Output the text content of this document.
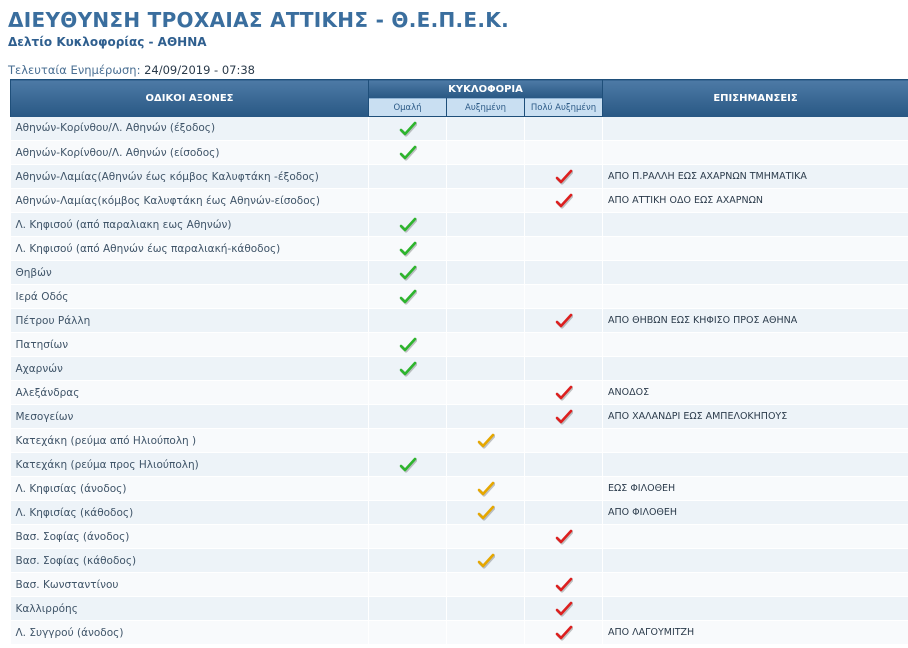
ΔΙΕΥΘΥΝΣΗ ΤΡΟΧΑΙΑΣ ΑΤΤΙΚΗΣ - Θ.Ε.Π.Ε.Κ.
Δελτίο Κυκλοφορίας - ΑΘΗΝΑ
Τελευταία Ενημέρωση: 24/09/2019 - 07:38
ΟΔΙΚΟΙ ΑΞΟΝΕΣ	ΚΥΚΛΟΦΟΡΙΑ			ΕΠΙΣΗΜΑΝΣΕΙΣ
	Ομαλή	Αυξημένη	Πολύ Αυξημένη	
Αθηνών-Κορίνθου/Λ. Αθηνών (έξοδος)				
Αθηνών-Κορίνθου/Λ. Αθηνών (είσοδος)				
Αθηνών-Λαμίας(Αθηνών έως κόμβος Καλυφτάκη -έξοδος)				ΑΠΟ Π.ΡΑΛΛΗ ΕΩΣ ΑΧΑΡΝΩΝ ΤΜΗΜΑΤΙΚΑ
Αθηνών-Λαμίας(κόμβος Καλυφτάκη έως Αθηνών-είσοδος)				ΑΠΟ ΑΤΤΙΚΗ ΟΔΟ ΕΩΣ ΑΧΑΡΝΩΝ
Λ. Κηφισού (από παραλιακη εως Αθηνών)				
Λ. Κηφισού (από Αθηνών έως παραλιακή-κάθοδος)				
Θηβών				
Ιερά Οδός				
Πέτρου Ράλλη				ΑΠΟ ΘΗΒΩΝ ΕΩΣ ΚΗΦΙΣΟ ΠΡΟΣ ΑΘΗΝΑ
Πατησίων				
Αχαρνών				
Αλεξάνδρας				ΑΝΟΔΟΣ
Μεσογείων				ΑΠΟ ΧΑΛΑΝΔΡΙ ΕΩΣ ΑΜΠΕΛΟΚΗΠΟΥΣ
Κατεχάκη (ρεύμα από Ηλιούπολη )				
Κατεχάκη (ρεύμα προς Ηλιούπολη)				
Λ. Κηφισίας (άνοδος)				ΕΩΣ ΦΙΛΟΘΕΗ
Λ. Κηφισίας (κάθοδος)				ΑΠΟ ΦΙΛΟΘΕΗ
Βασ. Σοφίας (άνοδος)				
Βασ. Σοφίας (κάθοδος)				
Βασ. Κωνσταντίνου				
Καλλιρρόης				
Λ. Συγγρού (άνοδος)				ΑΠΟ ΛΑΓΟΥΜΙΤΖΗ
